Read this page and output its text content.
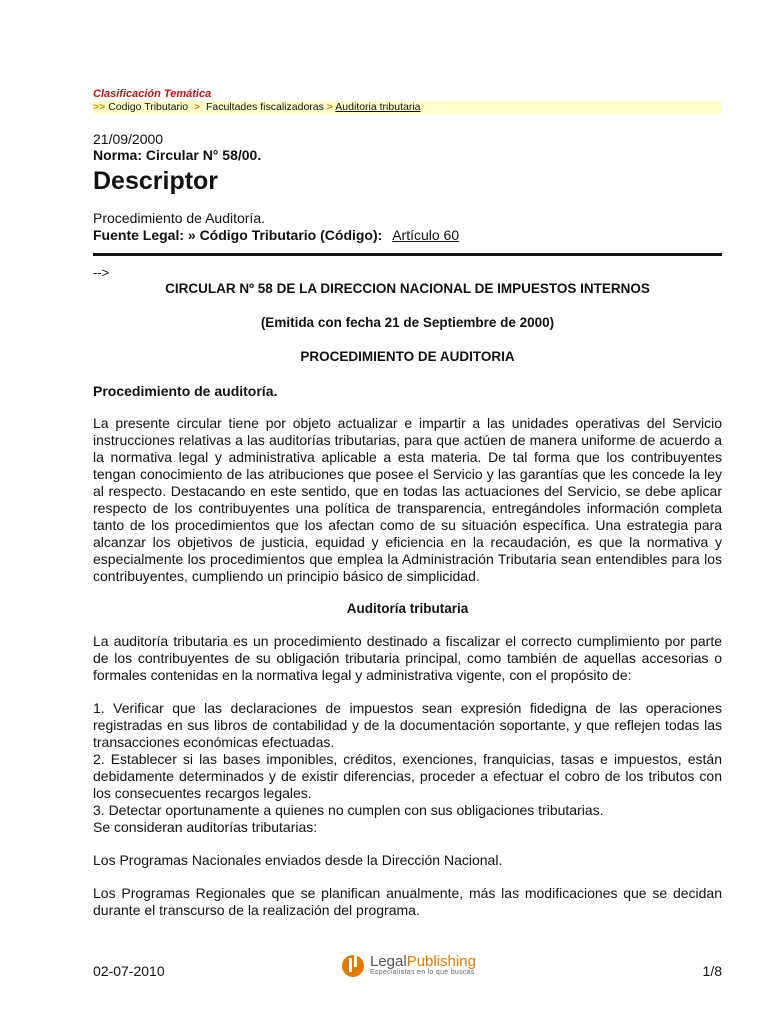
Clasificación Temática
>> Codigo Tributario > Facultades fiscalizadoras > Auditoria tributaria
21/09/2000
Norma: Circular N° 58/00.
Descriptor
Procedimiento de Auditoría.
Fuente Legal: » Código Tributario (Código): Artículo 60
-->
CIRCULAR Nº 58 DE LA DIRECCION NACIONAL DE IMPUESTOS INTERNOS
(Emitida con fecha 21 de Septiembre de 2000)
PROCEDIMIENTO DE AUDITORIA
Procedimiento de auditoría.
La presente circular tiene por objeto actualizar e impartir a las unidades operativas del Servicio instrucciones relativas a las auditorías tributarias, para que actúen de manera uniforme de acuerdo a la normativa legal y administrativa aplicable a esta materia. De tal forma que los contribuyentes tengan conocimiento de las atribuciones que posee el Servicio y las garantías que les concede la ley al respecto. Destacando en este sentido, que en todas las actuaciones del Servicio, se debe aplicar respecto de los contribuyentes una política de transparencia, entregándoles información completa tanto de los procedimientos que los afectan como de su situación específica. Una estrategia para alcanzar los objetivos de justicia, equidad y eficiencia en la recaudación, es que la normativa y especialmente los procedimientos que emplea la Administración Tributaria sean entendibles para los contribuyentes, cumpliendo un principio básico de simplicidad.
Auditoría tributaria
La auditoría tributaria es un procedimiento destinado a fiscalizar el correcto cumplimiento por parte de los contribuyentes de su obligación tributaria principal, como también de aquellas accesorias o formales contenidas en la normativa legal y administrativa vigente, con el propósito de:
1. Verificar que las declaraciones de impuestos sean expresión fidedigna de las operaciones registradas en sus libros de contabilidad y de la documentación soportante, y que reflejen todas las transacciones económicas efectuadas.
2. Establecer si las bases imponibles, créditos, exenciones, franquicias, tasas e impuestos, están debidamente determinados y de existir diferencias, proceder a efectuar el cobro de los tributos con los consecuentes recargos legales.
3. Detectar oportunamente a quienes no cumplen con sus obligaciones tributarias.
Se consideran auditorías tributarias:
Los Programas Nacionales enviados desde la Dirección Nacional.
Los Programas Regionales que se planifican anualmente, más las modificaciones que se decidan durante el transcurso de la realización del programa.
02-07-2010
LegalPublishing
Especialistas en lo que buscas	1/8
